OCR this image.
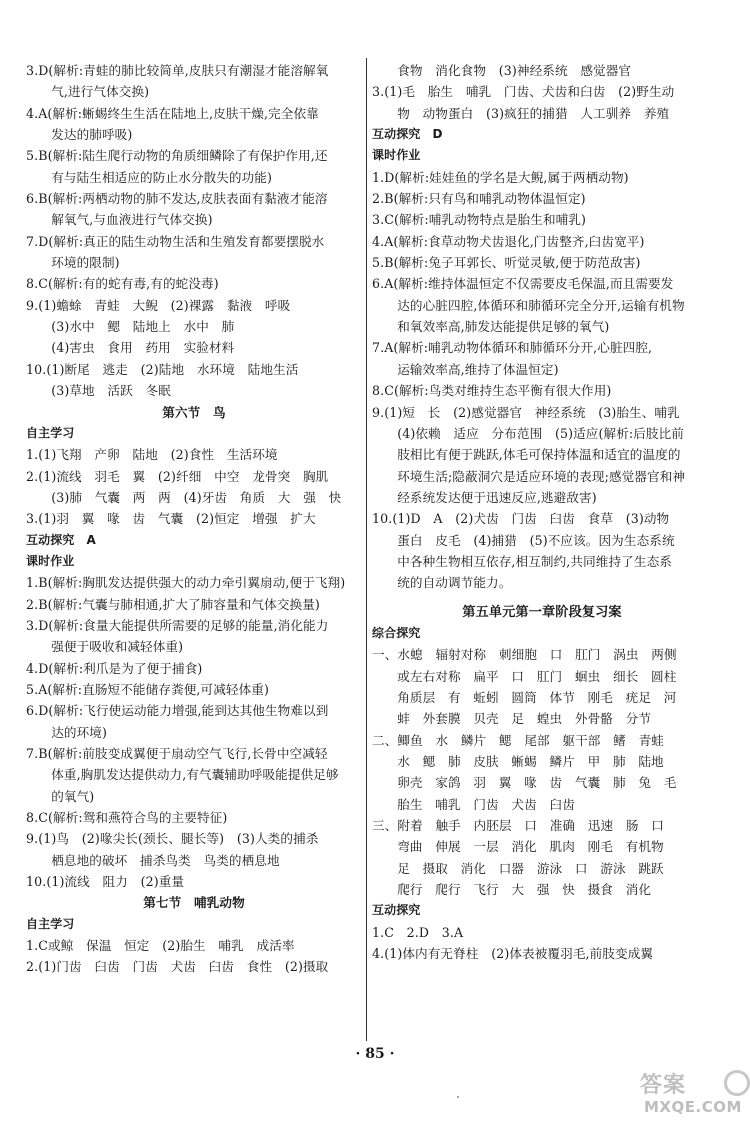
3.D(解析:青蛙的肺比较简单,皮肤只有潮湿才能溶解氧
气,进行气体交换)
4.A(解析:蜥蜴终生生活在陆地上,皮肤干燥,完全依靠
发达的肺呼吸)
5.B(解析:陆生爬行动物的角质细鳞除了有保护作用,还
有与陆生相适应的防止水分散失的功能)
6.B(解析:两栖动物的肺不发达,皮肤表面有黏液才能溶
解氧气,与血液进行气体交换)
7.D(解析:真正的陆生动物生活和生殖发育都要摆脱水
环境的限制)
8.C(解析:有的蛇有毒,有的蛇没毒)
9.(1)蟾蜍　青蛙　大鲵　(2)裸露　黏液　呼吸
(3)水中　鳃　陆地上　水中　肺
(4)害虫　食用　药用　实验材料
10.(1)断尾　逃走　(2)陆地　水环境　陆地生活
(3)草地　活跃　冬眠
第六节　鸟
自主学习
1.(1)飞翔　产卵　陆地　(2)食性　生活环境
2.(1)流线　羽毛　翼　(2)纤细　中空　龙骨突　胸肌
(3)肺　气囊　两　两　(4)牙齿　角质　大　强　快
3.(1)羽　翼　喙　齿　气囊　(2)恒定　增强　扩大
互动探究　A
课时作业
1.B(解析:胸肌发达提供强大的动力牵引翼扇动,便于飞翔)
2.B(解析:气囊与肺相通,扩大了肺容量和气体交换量)
3.D(解析:食量大能提供所需要的足够的能量,消化能力
强便于吸收和减轻体重)
4.D(解析:利爪是为了便于捕食)
5.A(解析:直肠短不能储存粪便,可减轻体重)
6.D(解析:飞行使运动能力增强,能到达其他生物难以到
达的环境)
7.B(解析:前肢变成翼便于扇动空气飞行,长骨中空减轻
体重,胸肌发达提供动力,有气囊辅助呼吸能提供足够
的氧气)
8.C(解析:鸳和燕符合鸟的主要特征)
9.(1)鸟　(2)喙尖长(颈长、腿长等)　(3)人类的捕杀
栖息地的破坏　捕杀鸟类　鸟类的栖息地
10.(1)流线　阻力　(2)重量
第七节　哺乳动物
自主学习
1.C或鲸　保温　恒定　(2)胎生　哺乳　成活率
2.(1)门齿　臼齿　门齿　犬齿　臼齿　食性　(2)摄取
食物　消化食物　(3)神经系统　感觉器官
3.(1)毛　胎生　哺乳　门齿、犬齿和臼齿　(2)野生动
物　动物蛋白　(3)疯狂的捕猎　人工驯养　养殖
互动探究　D
课时作业
1.D(解析:娃娃鱼的学名是大鲵,属于两栖动物)
2.B(解析:只有鸟和哺乳动物体温恒定)
3.C(解析:哺乳动物特点是胎生和哺乳)
4.A(解析:食草动物犬齿退化,门齿整齐,臼齿宽平)
5.B(解析:兔子耳郭长、听觉灵敏,便于防范敌害)
6.A(解析:维持体温恒定不仅需要皮毛保温,而且需要发
达的心脏四腔,体循环和肺循环完全分开,运输有机物
和氧效率高,肺发达能提供足够的氧气)
7.A(解析:哺乳动物体循环和肺循环分开,心脏四腔,
运输效率高,维持了体温恒定)
8.C(解析:鸟类对维持生态平衡有很大作用)
9.(1)短　长　(2)感觉器官　神经系统　(3)胎生、哺乳
(4)依赖　适应　分布范围　(5)适应(解析:后肢比前
肢相比有便于跳跃,体毛可保持体温和适宜的温度的
环境生活;隐蔽洞穴是适应环境的表现;感觉器官和神
经系统发达便于迅速反应,逃避敌害)
10.(1)D　A　(2)犬齿　门齿　臼齿　食草　(3)动物
蛋白　皮毛　(4)捕猎　(5)不应该。因为生态系统
中各种生物相互依存,相互制约,共同维持了生态系
统的自动调节能力。
第五单元第一章阶段复习案
综合探究
一、水螅　辐射对称　刺细胞　口　肛门　涡虫　两侧
或左右对称　扁平　口　肛门　蛔虫　细长　圆柱
角质层　有　蚯蚓　圆筒　体节　刚毛　疣足　河
蚌　外套膜　贝壳　足　蝗虫　外骨骼　分节
二、鲫鱼　水　鳞片　鳃　尾部　躯干部　鳍　青蛙
水　鳃　肺　皮肤　蜥蜴　鳞片　甲　肺　陆地
卵壳　家鸽　羽　翼　喙　齿　气囊　肺　兔　毛
胎生　哺乳　门齿　犬齿　臼齿
三、附着　触手　内胚层　口　准确　迅速　肠　口
弯曲　伸展　一层　消化　肌肉　刚毛　有机物
足　摄取　消化　口器　游泳　口　游泳　跳跃
爬行　爬行　飞行　大　强　快　摄食　消化
互动探究
1.C　2.D　3.A
4.(1)体内有无脊柱　(2)体表被覆羽毛,前肢变成翼
· 85 ·
答案
MXQE.COM
